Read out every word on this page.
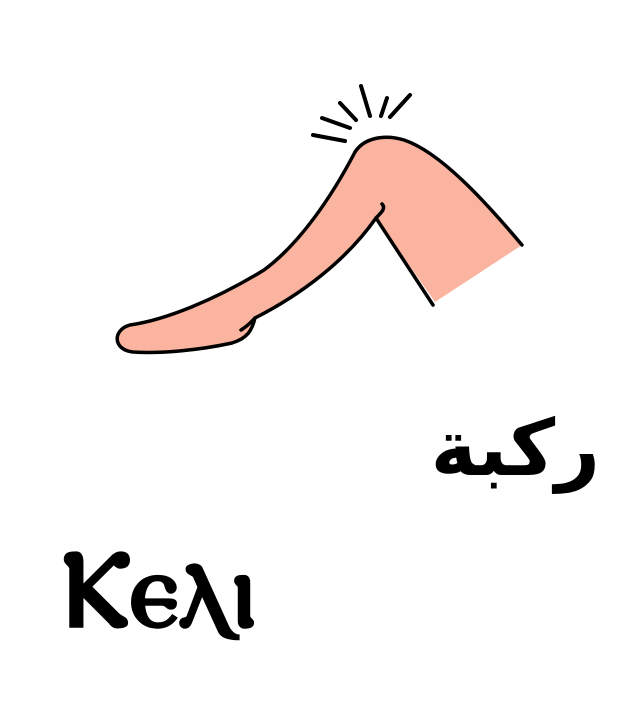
ركبة
Ⲕⲉⲗⲓ
